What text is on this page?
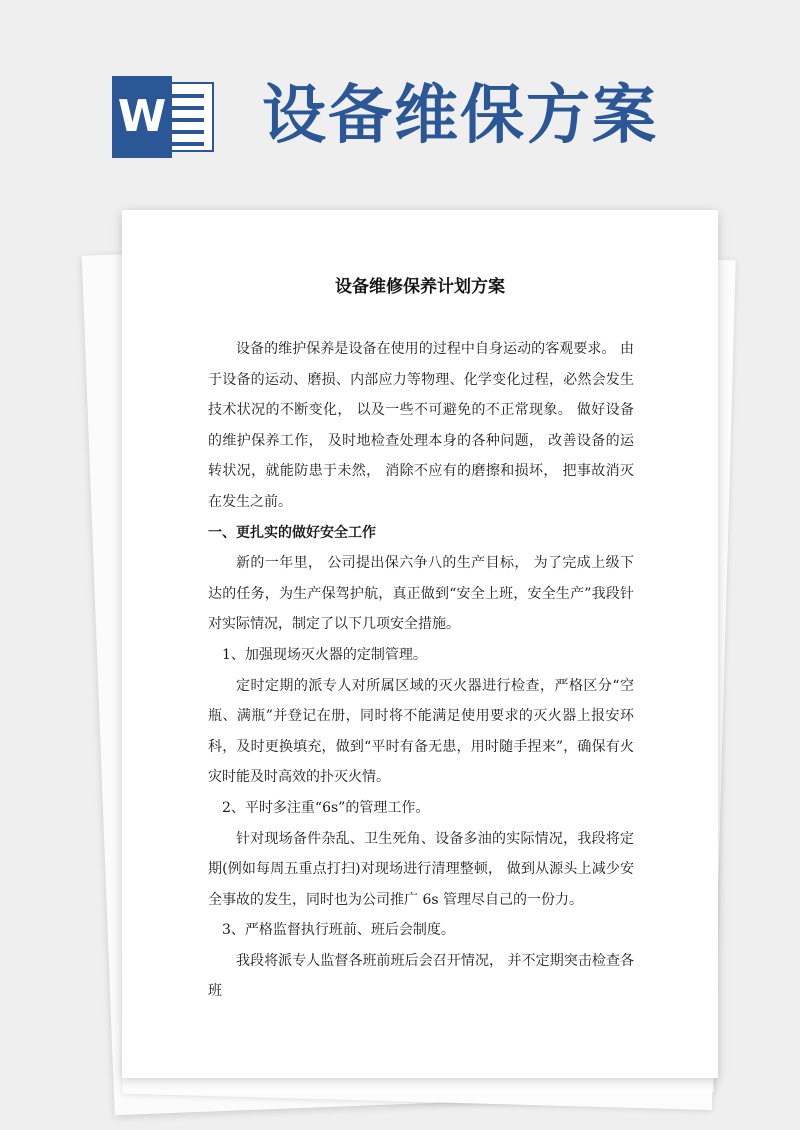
W 设备维保方案
设备维修保养计划方案

设备的维护保养是设备在使用的过程中自身运动的客观要求。 由于设备的运动、磨损、内部应力等物理、化学变化过程，必然会发生技术状况的不断变化， 以及一些不可避免的不正常现象。 做好设备的维护保养工作， 及时地检查处理本身的各种问题， 改善设备的运转状况，就能防患于未然， 消除不应有的磨擦和损坏， 把事故消灭在发生之前。

一、更扎实的做好安全工作

新的一年里， 公司提出保六争八的生产目标， 为了完成上级下达的任务，为生产保驾护航，真正做到“安全上班，安全生产”我段针对实际情况，制定了以下几项安全措施。

1、加强现场灭火器的定制管理。

定时定期的派专人对所属区域的灭火器进行检查，严格区分“空瓶、满瓶”并登记在册，同时将不能满足使用要求的灭火器上报安环科，及时更换填充，做到“平时有备无患，用时随手捏来”，确保有火灾时能及时高效的扑灭火情。

2、平时多注重“6s”的管理工作。

针对现场备件杂乱、卫生死角、设备多油的实际情况，我段将定期(例如每周五重点打扫)对现场进行清理整顿， 做到从源头上减少安全事故的发生，同时也为公司推广 6s 管理尽自己的一份力。

3、严格监督执行班前、班后会制度。

我段将派专人监督各班前班后会召开情况， 并不定期突击检查各班
